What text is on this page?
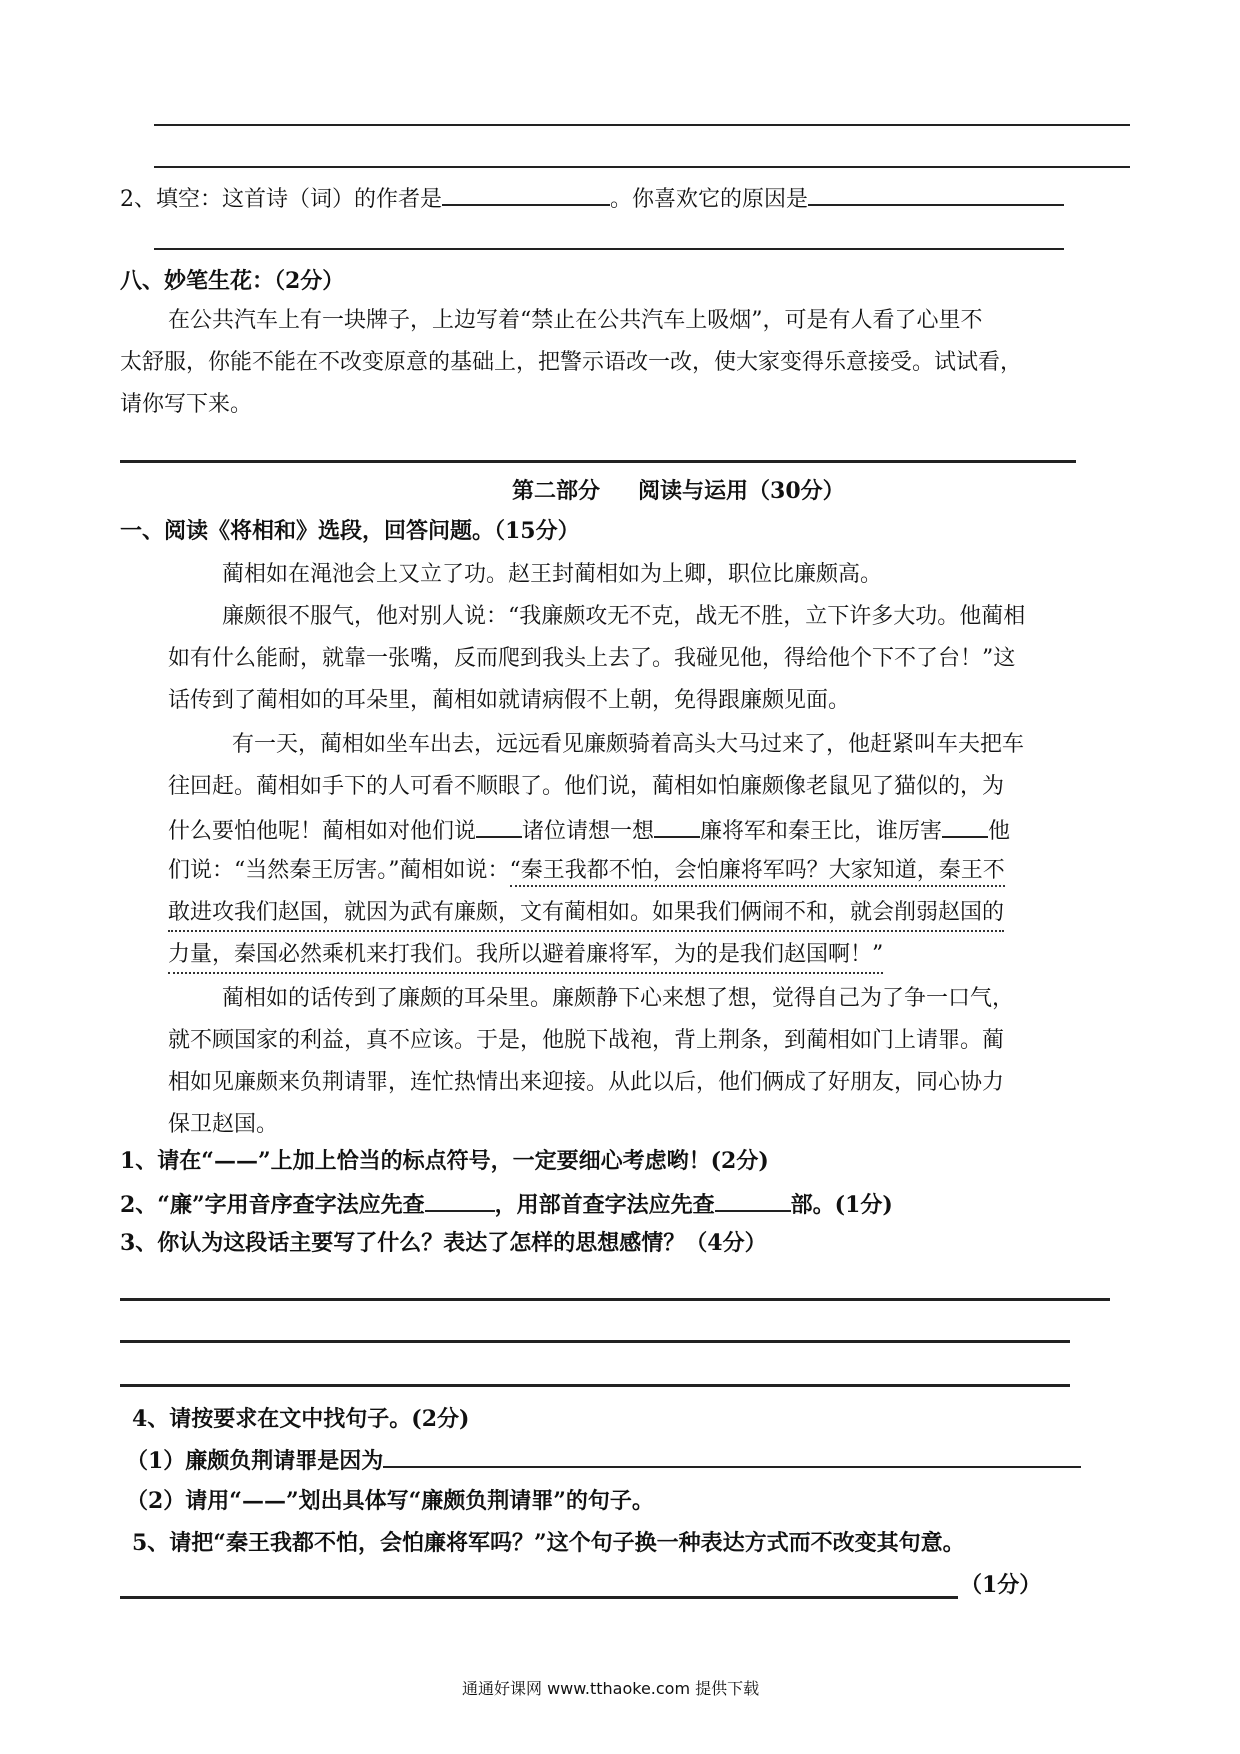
2、填空：这首诗（词）的作者是	。你喜欢它的原因是
八、妙笔生花：（2分）
在公共汽车上有一块牌子，上边写着“禁止在公共汽车上吸烟”，可是有人看了心里不
太舒服，你能不能在不改变原意的基础上，把警示语改一改，使大家变得乐意接受。试试看，
请你写下来。
第二部分 阅读与运用（30分）
一、阅读《将相和》选段，回答问题。（15分）
蔺相如在渑池会上又立了功。赵王封蔺相如为上卿，职位比廉颇高。
廉颇很不服气，他对别人说：“我廉颇攻无不克，战无不胜，立下许多大功。他蔺相
如有什么能耐，就靠一张嘴，反而爬到我头上去了。我碰见他，得给他个下不了台！”这
话传到了蔺相如的耳朵里，蔺相如就请病假不上朝，免得跟廉颇见面。
有一天，蔺相如坐车出去，远远看见廉颇骑着高头大马过来了，他赶紧叫车夫把车
往回赶。蔺相如手下的人可看不顺眼了。他们说，蔺相如怕廉颇像老鼠见了猫似的，为
什么要怕他呢！蔺相如对他们说 诸位请想一想 廉将军和秦王比，谁厉害 他
们说：“当然秦王厉害。”蔺相如说：“秦王我都不怕，会怕廉将军吗？大家知道，秦王不
敢进攻我们赵国，就因为武有廉颇，文有蔺相如。如果我们俩闹不和，就会削弱赵国的
力量，秦国必然乘机来打我们。我所以避着廉将军，为的是我们赵国啊！”
蔺相如的话传到了廉颇的耳朵里。廉颇静下心来想了想，觉得自己为了争一口气，
就不顾国家的利益，真不应该。于是，他脱下战袍，背上荆条，到蔺相如门上请罪。蔺
相如见廉颇来负荆请罪，连忙热情出来迎接。从此以后，他们俩成了好朋友，同心协力
保卫赵国。
1、请在“——”上加上恰当的标点符号，一定要细心考虑哟！(2分)
2、“廉”字用音序查字法应先查	，用部首查字法应先查	部。(1分)
3、你认为这段话主要写了什么？表达了怎样的思想感情？（4分）
4、请按要求在文中找句子。(2分)
（1）廉颇负荆请罪是因为
（2）请用“——”划出具体写“廉颇负荆请罪”的句子。
5、请把“秦王我都不怕，会怕廉将军吗？”这个句子换一种表达方式而不改变其句意。
（1分）
通通好课网 www.tthaoke.com 提供下载
